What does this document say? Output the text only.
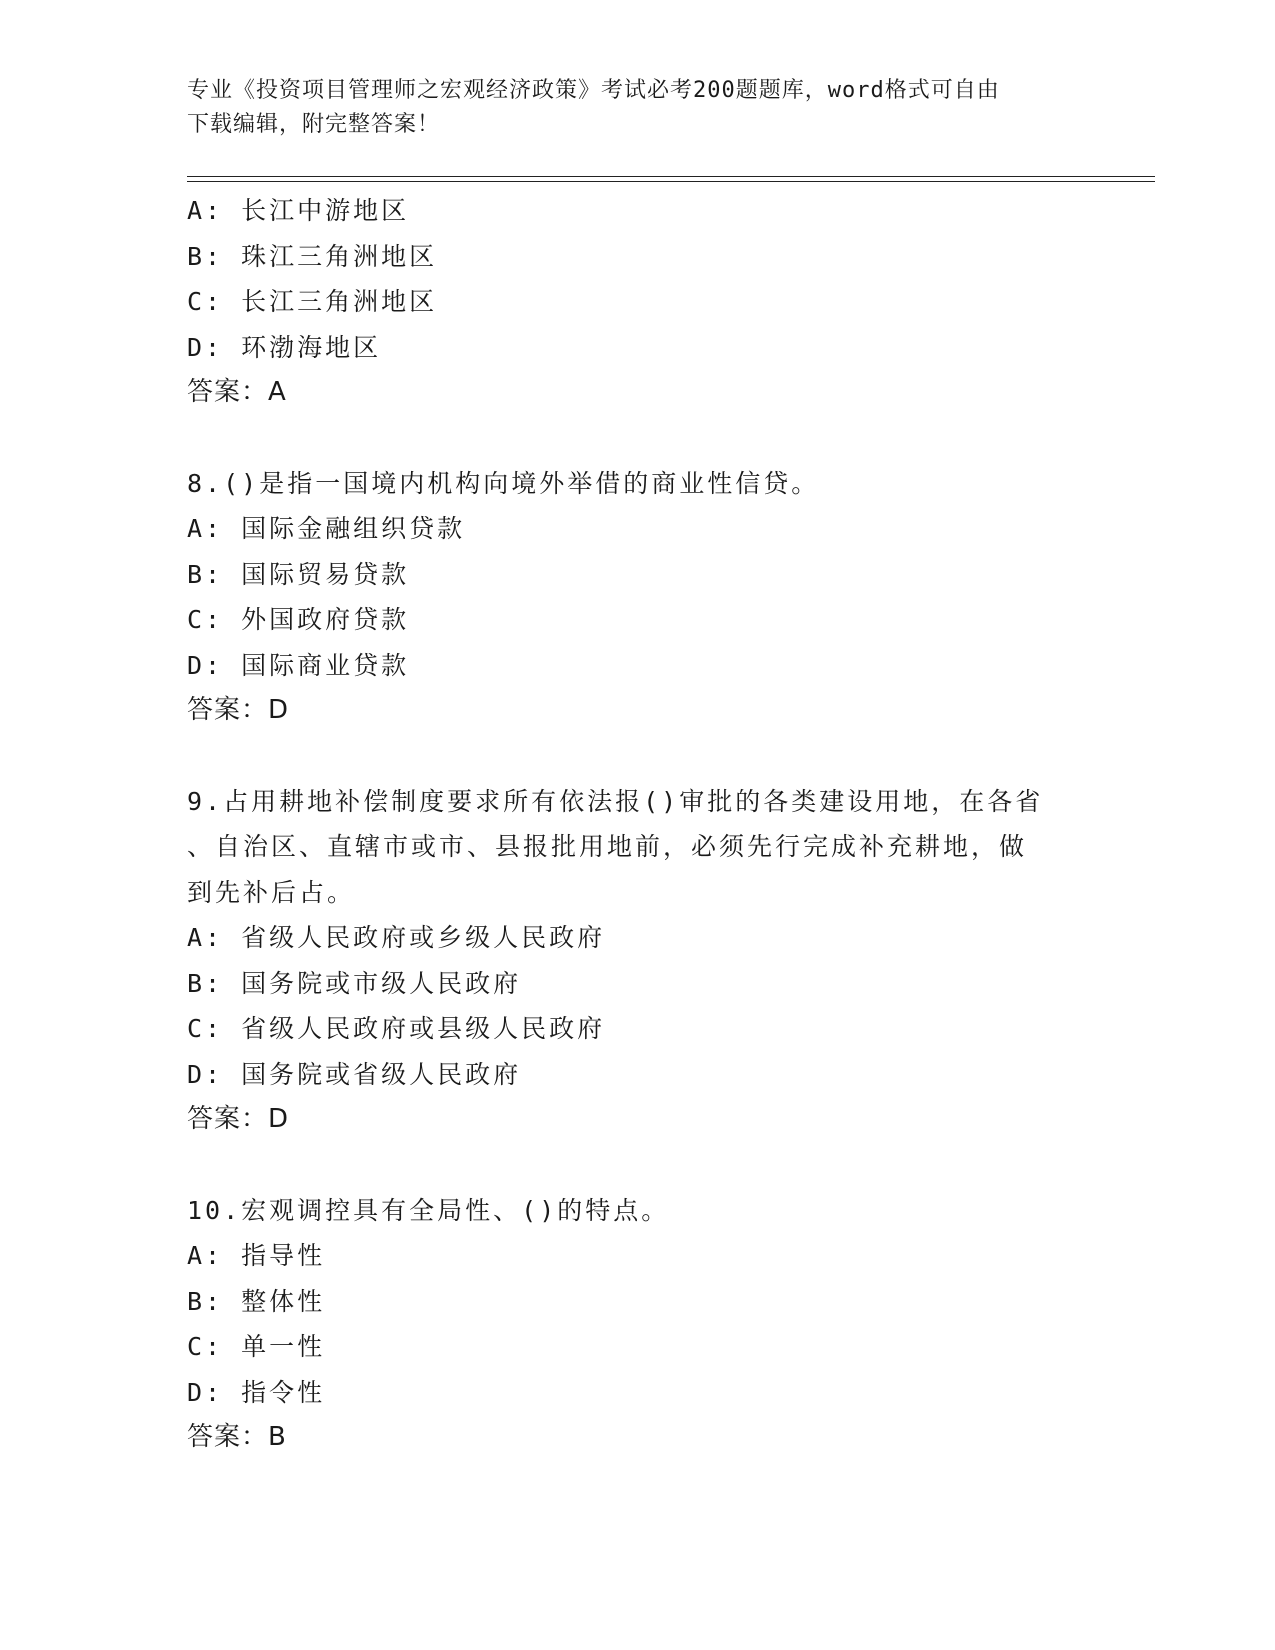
专业《投资项目管理师之宏观经济政策》考试必考200题题库，word格式可自由
下载编辑，附完整答案！
A: 长江中游地区
B: 珠江三角洲地区
C: 长江三角洲地区
D: 环渤海地区
答案：A
8.()是指一国境内机构向境外举借的商业性信贷。
A: 国际金融组织贷款
B: 国际贸易贷款
C: 外国政府贷款
D: 国际商业贷款
答案：D
9.占用耕地补偿制度要求所有依法报()审批的各类建设用地，在各省
、自治区、直辖市或市、县报批用地前，必须先行完成补充耕地，做
到先补后占。
A: 省级人民政府或乡级人民政府
B: 国务院或市级人民政府
C: 省级人民政府或县级人民政府
D: 国务院或省级人民政府
答案：D
10.宏观调控具有全局性、()的特点。
A: 指导性
B: 整体性
C: 单一性
D: 指令性
答案：B
